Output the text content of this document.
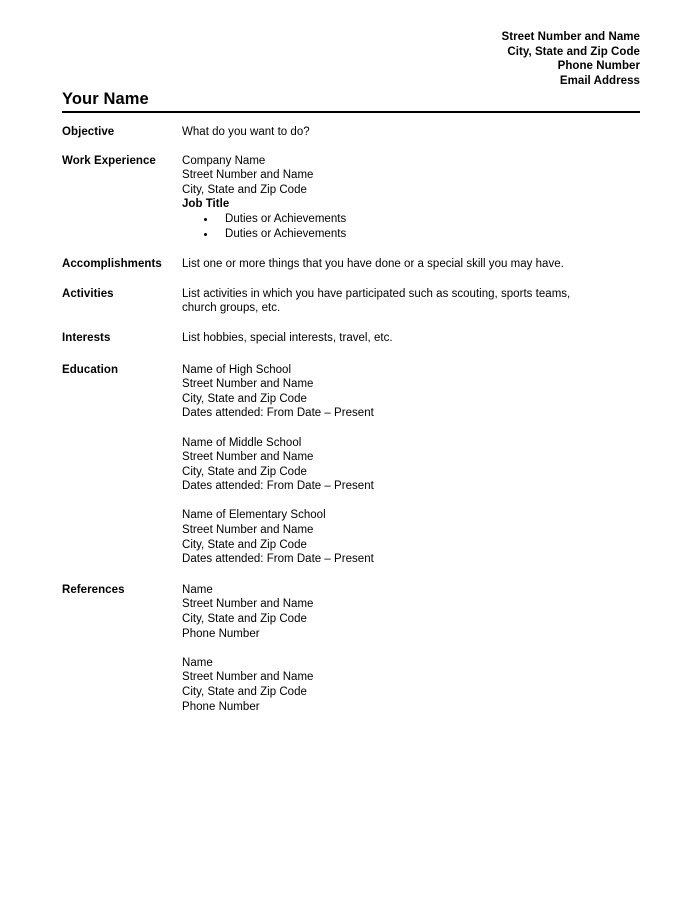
Street Number and Name
City, State and Zip Code
Phone Number
Email Address
Your Name
Objective	What do you want to do?
Work Experience	Company Name
Street Number and Name
City, State and Zip Code
Job Title
Duties or Achievements
Duties or Achievements
Accomplishments	List one or more things that you have done or a special skill you may have.
Activities	List activities in which you have participated such as scouting, sports teams, church groups, etc.
Interests	List hobbies, special interests, travel, etc.
Education	Name of High School
Street Number and Name
City, State and Zip Code
Dates attended: From Date – Present
Name of Middle School
Street Number and Name
City, State and Zip Code
Dates attended: From Date – Present
Name of Elementary School
Street Number and Name
City, State and Zip Code
Dates attended: From Date – Present
References	Name
Street Number and Name
City, State and Zip Code
Phone Number
Name
Street Number and Name
City, State and Zip Code
Phone Number
